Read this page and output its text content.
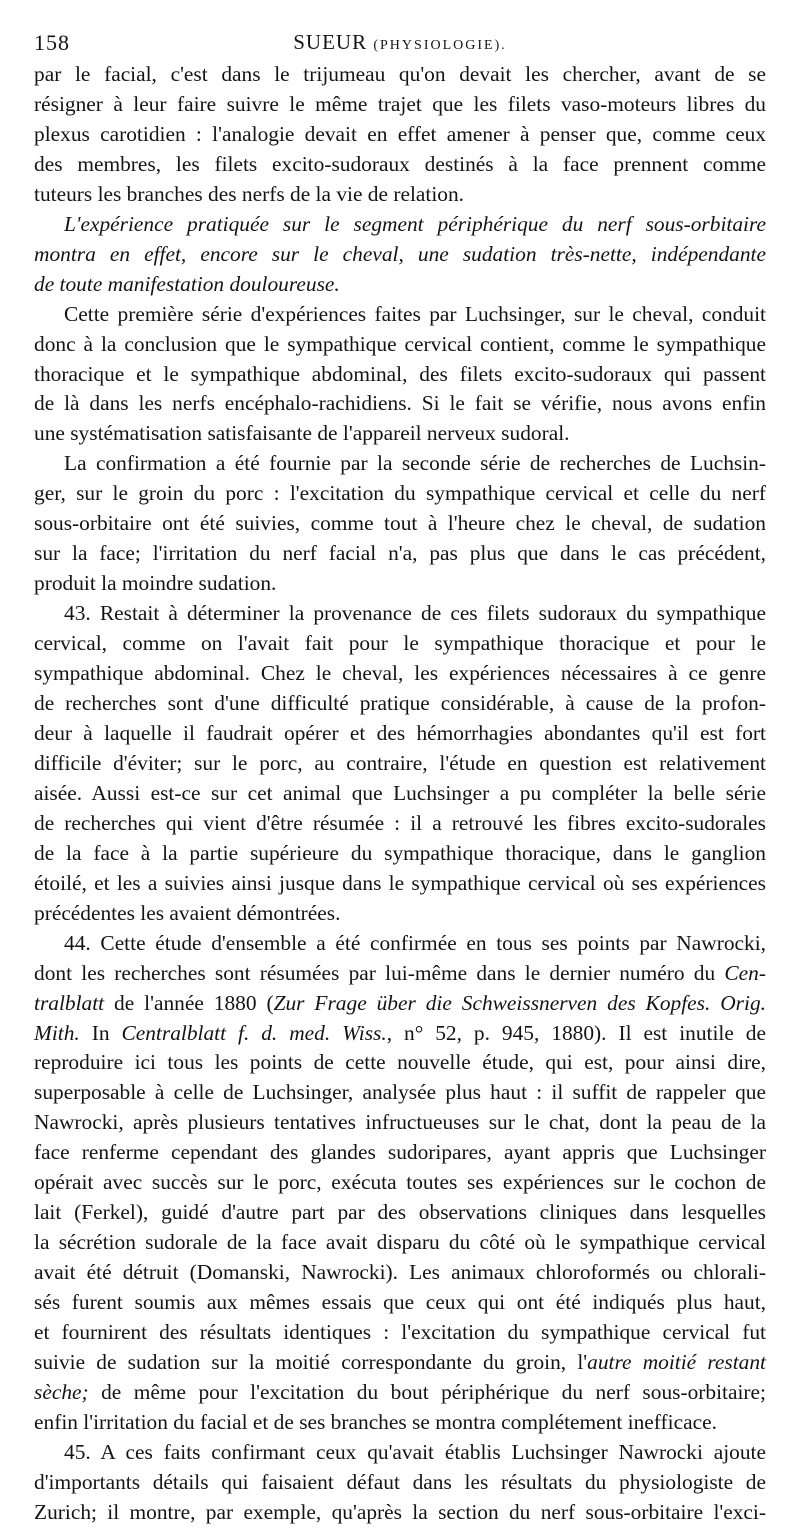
158	SUEUR (PHYSIOLOGIE).
par le facial, c'est dans le trijumeau qu'on devait les chercher, avant de se
résigner à leur faire suivre le même trajet que les filets vaso-moteurs libres du
plexus carotidien : l'analogie devait en effet amener à penser que, comme ceux
des membres, les filets excito-sudoraux destinés à la face prennent comme
tuteurs les branches des nerfs de la vie de relation.
L'expérience pratiquée sur le segment périphérique du nerf sous-orbitaire
montra en effet, encore sur le cheval, une sudation très-nette, indépendante
de toute manifestation douloureuse.
Cette première série d'expériences faites par Luchsinger, sur le cheval, conduit
donc à la conclusion que le sympathique cervical contient, comme le sympathique
thoracique et le sympathique abdominal, des filets excito-sudoraux qui passent
de là dans les nerfs encéphalo-rachidiens. Si le fait se vérifie, nous avons enfin
une systématisation satisfaisante de l'appareil nerveux sudoral.
La confirmation a été fournie par la seconde série de recherches de Luchsin-
ger, sur le groin du porc : l'excitation du sympathique cervical et celle du nerf
sous-orbitaire ont été suivies, comme tout à l'heure chez le cheval, de sudation
sur la face; l'irritation du nerf facial n'a, pas plus que dans le cas précédent,
produit la moindre sudation.
43. Restait à déterminer la provenance de ces filets sudoraux du sympathique
cervical, comme on l'avait fait pour le sympathique thoracique et pour le
sympathique abdominal. Chez le cheval, les expériences nécessaires à ce genre
de recherches sont d'une difficulté pratique considérable, à cause de la profon-
deur à laquelle il faudrait opérer et des hémorrhagies abondantes qu'il est fort
difficile d'éviter; sur le porc, au contraire, l'étude en question est relativement
aisée. Aussi est-ce sur cet animal que Luchsinger a pu compléter la belle série
de recherches qui vient d'être résumée : il a retrouvé les fibres excito-sudorales
de la face à la partie supérieure du sympathique thoracique, dans le ganglion
étoilé, et les a suivies ainsi jusque dans le sympathique cervical où ses expériences
précédentes les avaient démontrées.
44. Cette étude d'ensemble a été confirmée en tous ses points par Nawrocki,
dont les recherches sont résumées par lui-même dans le dernier numéro du Cen-
tralblatt de l'année 1880 (Zur Frage über die Schweissnerven des Kopfes. Orig.
Mith. In Centralblatt f. d. med. Wiss., n° 52, p. 945, 1880). Il est inutile de
reproduire ici tous les points de cette nouvelle étude, qui est, pour ainsi dire,
superposable à celle de Luchsinger, analysée plus haut : il suffit de rappeler que
Nawrocki, après plusieurs tentatives infructueuses sur le chat, dont la peau de la
face renferme cependant des glandes sudoripares, ayant appris que Luchsinger
opérait avec succès sur le porc, exécuta toutes ses expériences sur le cochon de
lait (Ferkel), guidé d'autre part par des observations cliniques dans lesquelles
la sécrétion sudorale de la face avait disparu du côté où le sympathique cervical
avait été détruit (Domanski, Nawrocki). Les animaux chloroformés ou chlorali-
sés furent soumis aux mêmes essais que ceux qui ont été indiqués plus haut,
et fournirent des résultats identiques : l'excitation du sympathique cervical fut
suivie de sudation sur la moitié correspondante du groin, l'autre moitié restant
sèche; de même pour l'excitation du bout périphérique du nerf sous-orbitaire;
enfin l'irritation du facial et de ses branches se montra complétement inefficace.
45. A ces faits confirmant ceux qu'avait établis Luchsinger Nawrocki ajoute
d'importants détails qui faisaient défaut dans les résultats du physiologiste de
Zurich; il montre, par exemple, qu'après la section du nerf sous-orbitaire l'exci-
